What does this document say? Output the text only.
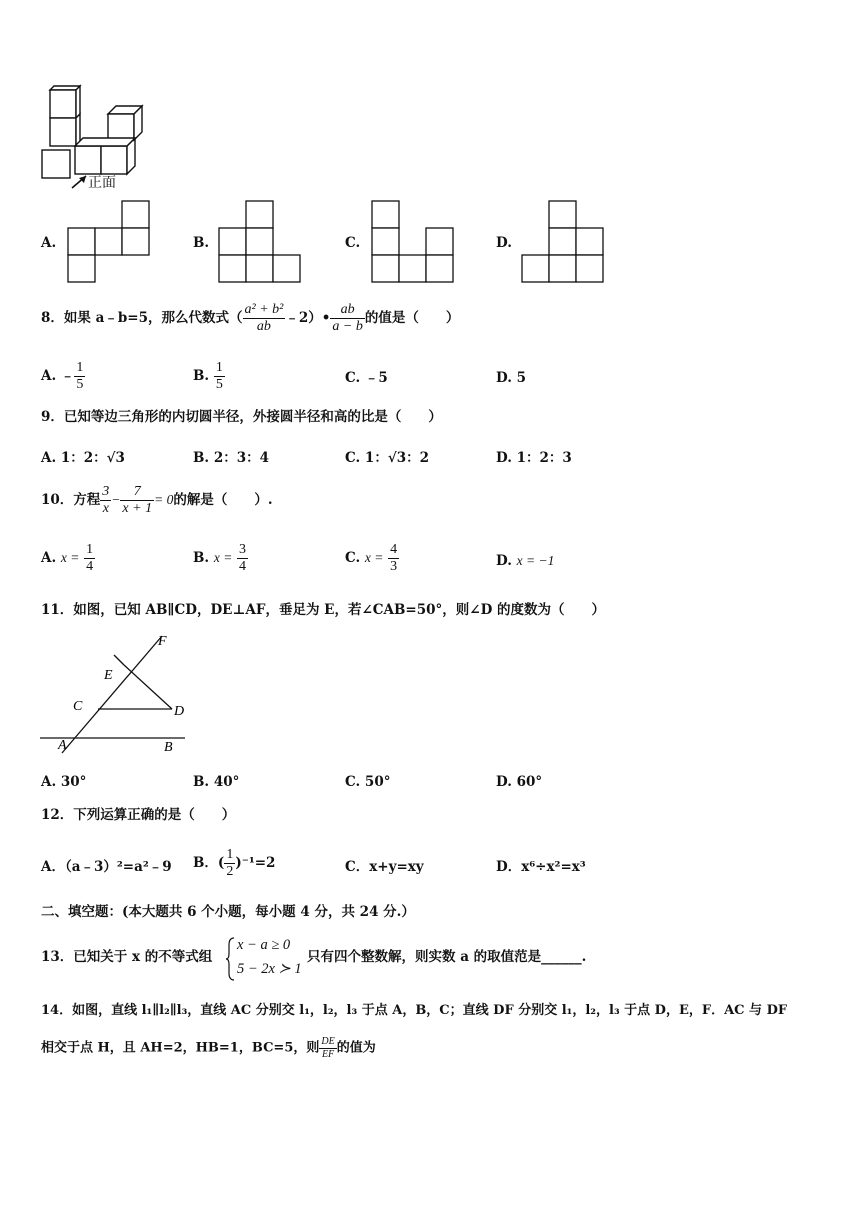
正面
A.	B.	C.	D.
8．如果 a﹣b=5，那么代数式（ $\frac{\text{a² + b²}}{ab}$ ﹣2）• $\frac{ab}{a - b}$ 的值是（　　）
A. ﹣ $\frac{1}{5}$	B. $\frac{1}{5}$	C. ﹣5	D. 5
9．已知等边三角形的内切圆半径，外接圆半径和高的比是（　　）
A. 1：2：√3	B. 2：3：4	C. 1：√3：2	D. 1：2：3
10．方程 $\frac{3}{x} - \frac{7}{x + 1} = 0$的解是（　　）.
A. $x = \frac{1}{4}$	B. $x = \frac{3}{4}$	C. $x = \frac{4}{3}$	D. x = −1
11．如图，已知 AB∥CD，DE⊥AF，垂足为 E，若∠CAB=50°，则∠D 的度数为（　　）
F
E
C	D
A	B
A. 30°	B. 40°	C. 50°	D. 60°
12．下列运算正确的是（　　）
A．（a﹣3）²=a²﹣9 B．( $\frac{1}{2} )^{-1}=2$	C．x+y=xy	D．x⁶÷x²=x³
二、填空题：(本大题共 6 个小题，每小题 4 分，共 24 分.）
13．已知关于 x 的不等式组
x − a ≥ 0
5 − 2x ≻ 1
只有四个整数解，则实数 a 的取值范是______.
14．如图，直线 l₁∥l₂∥l₃，直线 AC 分别交 l₁，l₂，l₃ 于点 A，B，C；直线 DF 分别交 l₁，l₂，l₃ 于点 D，E，F．AC 与 DF
相交于点 H，且 AH=2，HB=1，BC=5，则 $\frac{DE}{EF}$ 的值为
